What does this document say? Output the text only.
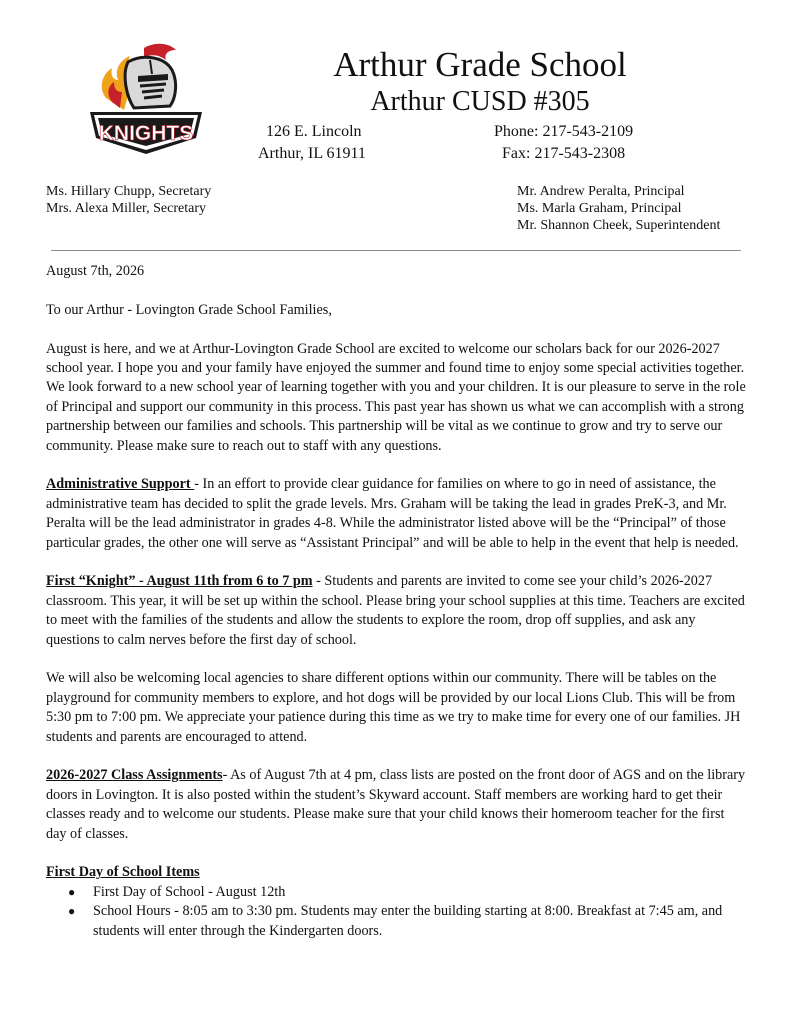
KNIGHTS
Arthur Grade School
Arthur CUSD #305
126 E. Lincoln
Arthur, IL 61911
Phone: 217-543-2109
Fax: 217-543-2308
Ms. Hillary Chupp, Secretary
Mrs. Alexa Miller, Secretary
Mr. Andrew Peralta, Principal
Ms. Marla Graham, Principal
Mr. Shannon Cheek, Superintendent

August 7th, 2026

To our Arthur - Lovington Grade School Families,

August is here, and we at Arthur-Lovington Grade School are excited to welcome our scholars back for our 2026-2027 school year. I hope you and your family have enjoyed the summer and found time to enjoy some special activities together. We look forward to a new school year of learning together with you and your children. It is our pleasure to serve in the role of Principal and support our community in this process. This past year has shown us what we can accomplish with a strong partnership between our families and schools. This partnership will be vital as we continue to grow and try to serve our community. Please make sure to reach out to staff with any questions.

Administrative Support - In an effort to provide clear guidance for families on where to go in need of assistance, the administrative team has decided to split the grade levels. Mrs. Graham will be taking the lead in grades PreK-3, and Mr. Peralta will be the lead administrator in grades 4-8. While the administrator listed above will be the “Principal” of those particular grades, the other one will serve as “Assistant Principal” and will be able to help in the event that help is needed.

First “Knight” - August 11th from 6 to 7 pm - Students and parents are invited to come see your child’s 2026-2027 classroom. This year, it will be set up within the school. Please bring your school supplies at this time. Teachers are excited to meet with the families of the students and allow the students to explore the room, drop off supplies, and ask any questions to calm nerves before the first day of school.

We will also be welcoming local agencies to share different options within our community. There will be tables on the playground for community members to explore, and hot dogs will be provided by our local Lions Club. This will be from 5:30 pm to 7:00 pm. We appreciate your patience during this time as we try to make time for every one of our families. JH students and parents are encouraged to attend.

2026-2027 Class Assignments- As of August 7th at 4 pm, class lists are posted on the front door of AGS and on the library doors in Lovington. It is also posted within the student’s Skyward account. Staff members are working hard to get their classes ready and to welcome our students. Please make sure that your child knows their homeroom teacher for the first day of classes.

First Day of School Items
● First Day of School - August 12th
● School Hours - 8:05 am to 3:30 pm. Students may enter the building starting at 8:00. Breakfast at 7:45 am, and students will enter through the Kindergarten doors.
